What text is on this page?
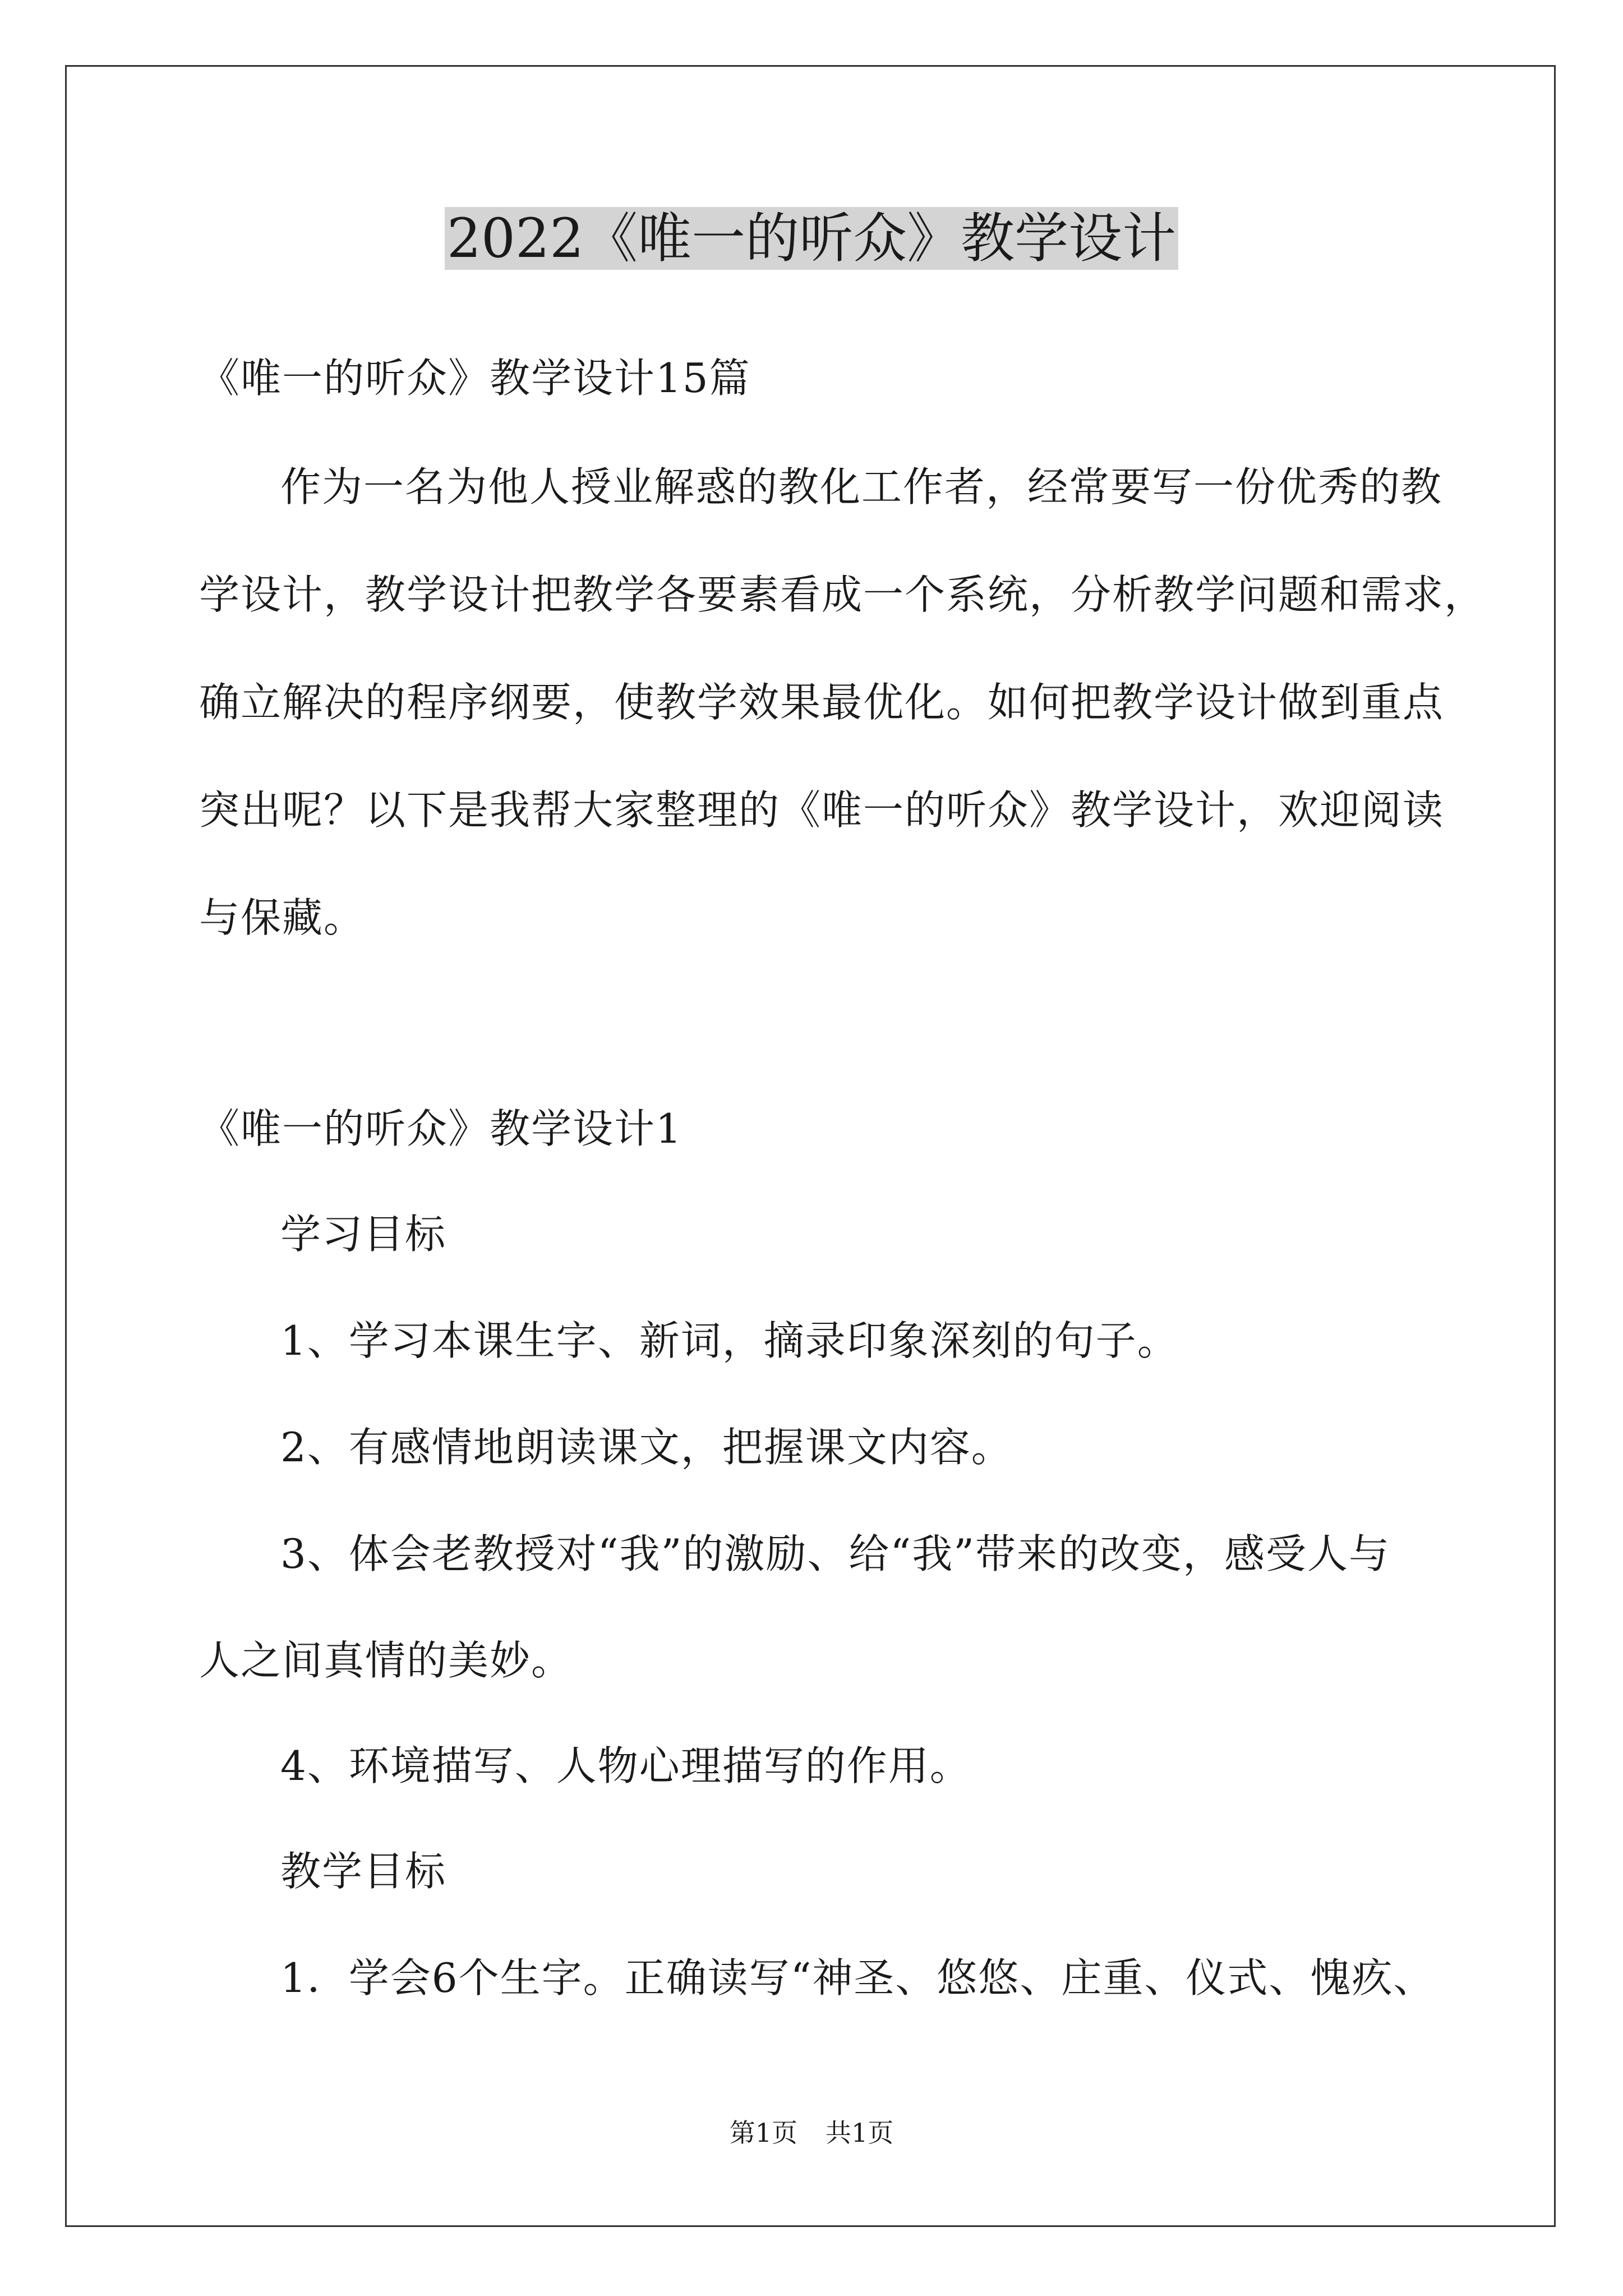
2022《唯一的听众》教学设计
《唯一的听众》教学设计15篇
作为一名为他人授业解惑的教化工作者，经常要写一份优秀的教
学设计，教学设计把教学各要素看成一个系统，分析教学问题和需求，
确立解决的程序纲要，使教学效果最优化。如何把教学设计做到重点
突出呢？以下是我帮大家整理的《唯一的听众》教学设计，欢迎阅读
与保藏。
《唯一的听众》教学设计1
学习目标
1、学习本课生字、新词，摘录印象深刻的句子。
2、有感情地朗读课文，把握课文内容。
3、体会老教授对“我”的激励、给“我”带来的改变，感受人与
人之间真情的美妙。
4、环境描写、人物心理描写的作用。
教学目标
1．学会6个生字。正确读写“神圣、悠悠、庄重、仪式、愧疚、
第1页 共1页
